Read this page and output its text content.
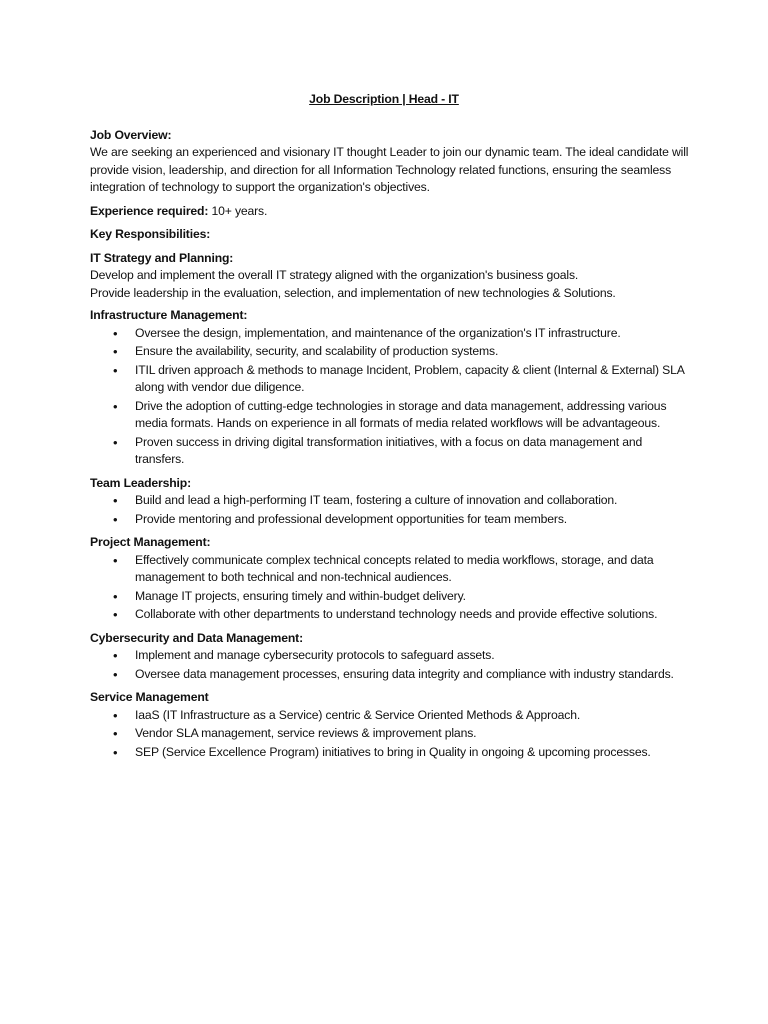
Job Description | Head - IT

Job Overview:

We are seeking an experienced and visionary IT thought Leader to join our dynamic team. The ideal candidate will provide vision, leadership, and direction for all Information Technology related functions, ensuring the seamless integration of technology to support the organization's objectives.

Experience required: 10+ years.

Key Responsibilities:

IT Strategy and Planning:

Develop and implement the overall IT strategy aligned with the organization's business goals.

Provide leadership in the evaluation, selection, and implementation of new technologies & Solutions.

Infrastructure Management:

• Oversee the design, implementation, and maintenance of the organization's IT infrastructure.
• Ensure the availability, security, and scalability of production systems.
• ITIL driven approach & methods to manage Incident, Problem, capacity & client (Internal & External) SLA along with vendor due diligence.
• Drive the adoption of cutting-edge technologies in storage and data management, addressing various media formats. Hands on experience in all formats of media related workflows will be advantageous.
• Proven success in driving digital transformation initiatives, with a focus on data management and transfers.

Team Leadership:

• Build and lead a high-performing IT team, fostering a culture of innovation and collaboration.
• Provide mentoring and professional development opportunities for team members.

Project Management:

• Effectively communicate complex technical concepts related to media workflows, storage, and data management to both technical and non-technical audiences.
• Manage IT projects, ensuring timely and within-budget delivery.
• Collaborate with other departments to understand technology needs and provide effective solutions.

Cybersecurity and Data Management:

• Implement and manage cybersecurity protocols to safeguard assets.
• Oversee data management processes, ensuring data integrity and compliance with industry standards.

Service Management

• IaaS (IT Infrastructure as a Service) centric & Service Oriented Methods & Approach.
• Vendor SLA management, service reviews & improvement plans.
• SEP (Service Excellence Program) initiatives to bring in Quality in ongoing & upcoming processes.
